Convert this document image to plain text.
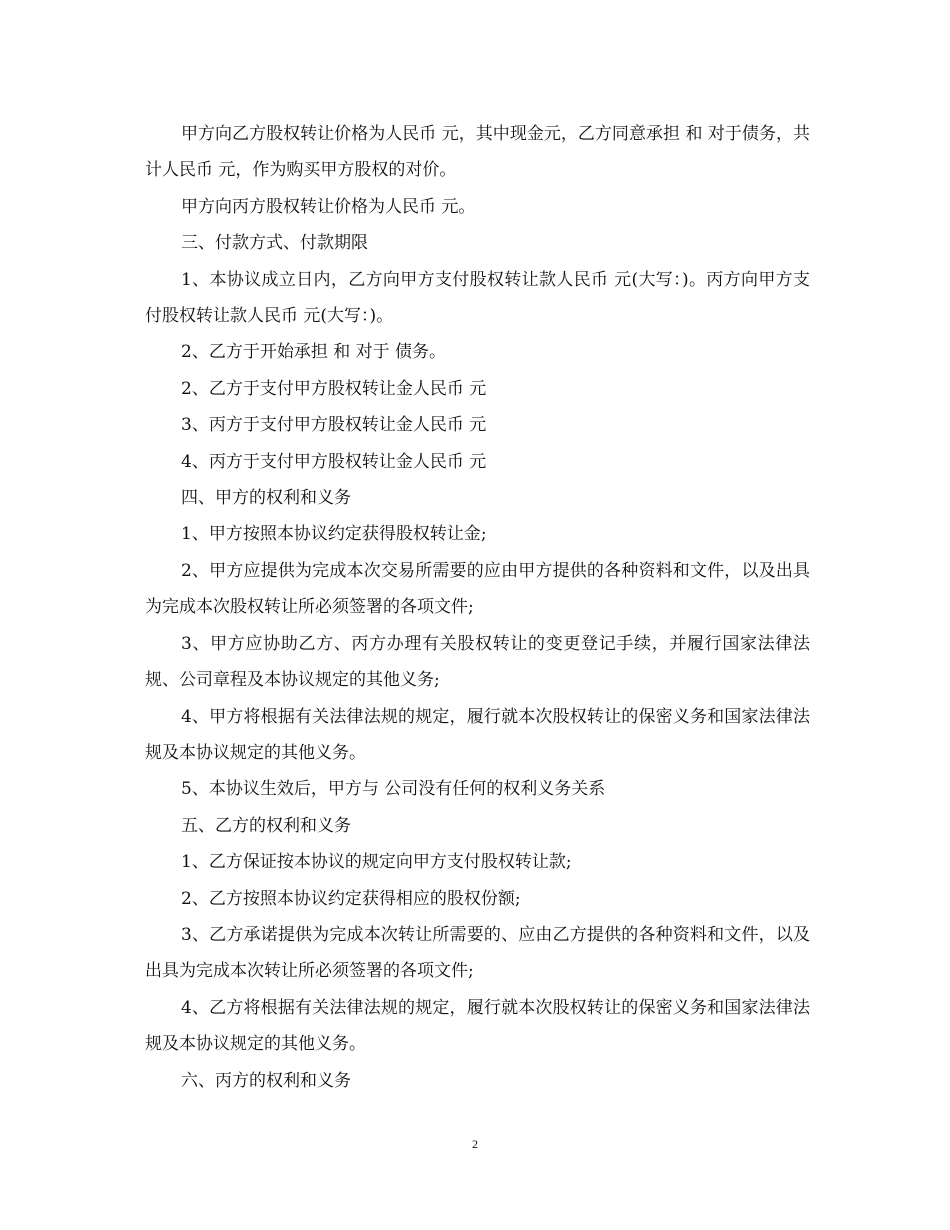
甲方向乙方股权转让价格为人民币 元，其中现金元，乙方同意承担 和 对于债务，共计人民币 元，作为购买甲方股权的对价。

甲方向丙方股权转让价格为人民币 元。

三、付款方式、付款期限

1、本协议成立日内，乙方向甲方支付股权转让款人民币 元(大写：)。丙方向甲方支付股权转让款人民币 元(大写：)。

2、乙方于开始承担 和 对于 债务。

2、乙方于支付甲方股权转让金人民币 元

3、丙方于支付甲方股权转让金人民币 元

4、丙方于支付甲方股权转让金人民币 元

四、甲方的权利和义务

1、甲方按照本协议约定获得股权转让金;

2、甲方应提供为完成本次交易所需要的应由甲方提供的各种资料和文件，以及出具为完成本次股权转让所必须签署的各项文件;

3、甲方应协助乙方、丙方办理有关股权转让的变更登记手续，并履行国家法律法规、公司章程及本协议规定的其他义务;

4、甲方将根据有关法律法规的规定，履行就本次股权转让的保密义务和国家法律法规及本协议规定的其他义务。

5、本协议生效后，甲方与 公司没有任何的权利义务关系

五、乙方的权利和义务

1、乙方保证按本协议的规定向甲方支付股权转让款;

2、乙方按照本协议约定获得相应的股权份额;

3、乙方承诺提供为完成本次转让所需要的、应由乙方提供的各种资料和文件，以及出具为完成本次转让所必须签署的各项文件;

4、乙方将根据有关法律法规的规定，履行就本次股权转让的保密义务和国家法律法规及本协议规定的其他义务。

六、丙方的权利和义务

2
